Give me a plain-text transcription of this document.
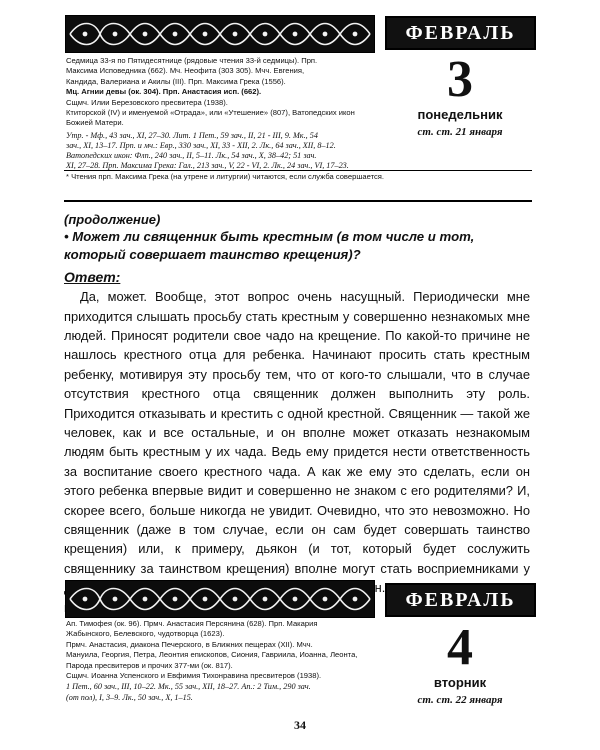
ФЕВРАЛЬ
3
понедельник
ст. ст. 21 января

Седмица 33-я по Пятидесятнице (рядовые чтения 33-й седмицы). Прп.

Максима Исповедника (662). Мч. Неофита (303 305). Мчч. Евгения,

Кандида, Валериана и Акилы (III). Прп. Максима Грека (1556).

Мц. Агнии девы (ок. 304). Прп. Анастасия исп. (662).

Сщмч. Илии Березовского пресвитера (1938).

Ктиторской (IV) и именуемой «Отрада», или «Утешение» (807), Ватопедских икон Божией Матери.

Утр. - Мф., 43 зач., XI, 27–30. Лит. 1 Пет., 59 зач., II, 21 - III, 9. Мк., 54

зач., XI, 13–17. Прп. и мч.: Евр., 330 зач., XI, 33 - XII, 2. Лк., 64 зач., XII, 8–12.

Ватопедских икон: Флп., 240 зач., II, 5–11. Лк., 54 зач., X, 38–42; 51 зач.

XI, 27–28. Прп. Максима Грека: Гал., 213 зач., V, 22 - VI, 2. Лк., 24 зач., VI, 17–23.

* Чтения прп. Максима Грека (на утрене и литургии) читаются, если служба совершается.
(продолжение)
• Может ли священник быть крестным (в том числе и тот, который совершает таинство крещения)?
Ответ:

Да, может. Вообще, этот вопрос очень насущный. Периодически мне приходится слышать просьбу стать крестным у совершенно незнакомых мне людей. Приносят родители свое чадо на крещение. По какой-то причине не нашлось крестного отца для ребенка. Начинают просить стать крестным ребенку, мотивируя эту просьбу тем, что от кого-то слышали, что в случае отсутствия крестного отца священник должен выполнить эту роль. Приходится отказывать и крестить с одной крестной. Священник — такой же человек, как и все остальные, и он вполне может отказать незнакомым людям быть крестным у их чада. Ведь ему придется нести ответственность за воспитание своего крестного чада. А как же ему это сделать, если он этого ребенка впервые видит и совершенно не знаком с его родителями? И, скорее всего, больше никогда не увидит. Очевидно, что это невозможно. Но священник (даже в том случае, если он сам будет совершать таинство крещения) или, к примеру, дьякон (и тот, который будет сослужить священнику за таинством крещения) вполне могут стать восприемниками у

ФЕВРАЛЬ
4
вторник
ст. ст. 22 января

Ап. Тимофея (ок. 96). Прмч. Анастасия Персянина (628). Прп. Макария

Жабынского, Белевского, чудотворца (1623).

Прмч. Анастасия, диакона Печерского, в Ближних пещерах (XII). Мчч.

Мануила, Георгия, Петра, Леонтия епископов, Сиония, Гавриила, Иоанна, Леонта, Парода пресвитеров и прочих 377-ми (ок. 817).

Сщмч. Иоанна Успенского и Евфимия Тихонравина пресвитеров (1938).

1 Пет., 60 зач., III, 10–22. Мк., 55 зач., XII, 18–27. Ап.: 2 Тим., 290 зач.

(от пол), I, 3–9. Лк., 50 зач., X, 1–15.

34
